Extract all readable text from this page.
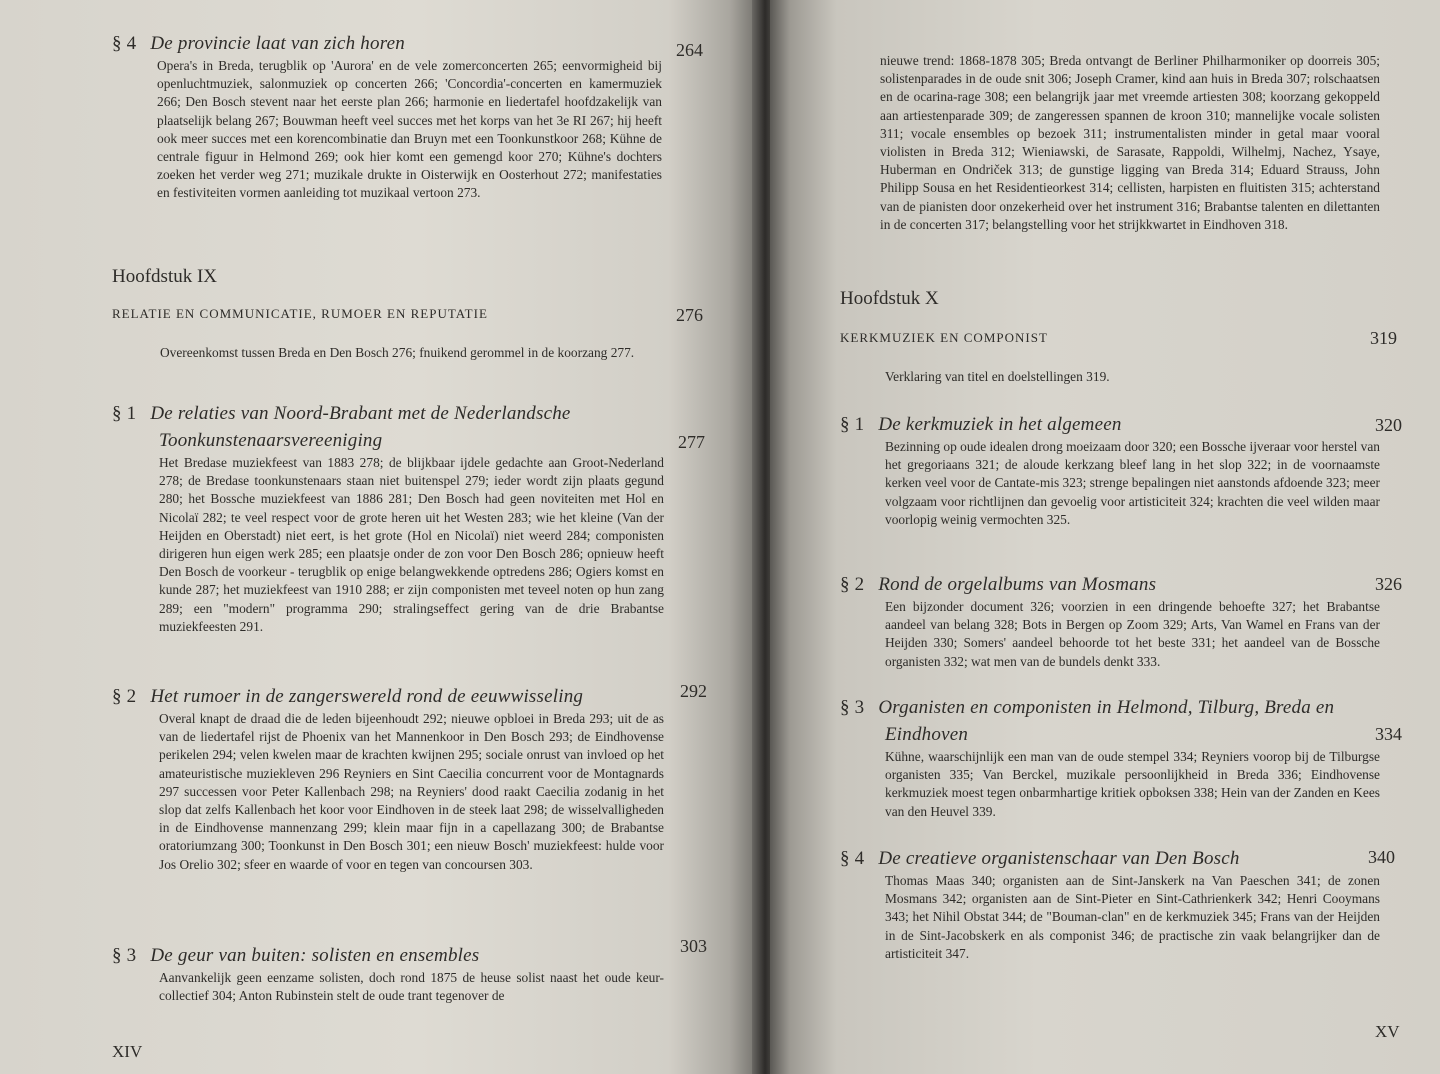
§ 4 De provincie laat van zich horen
Opera's in Breda, terugblik op 'Aurora' en de vele zomerconcerten 265; eenvormigheid bij openluchtmuziek, salonmuziek op concerten 266; 'Concordia'-concerten en kamermuziek 266; Den Bosch stevent naar het eerste plan 266; harmonie en liedertafel hoofdzakelijk van plaatselijk belang 267; Bouwman heeft veel succes met het korps van het 3e RI 267; hij heeft ook meer succes met een korencombinatie dan Bruyn met een Toonkunstkoor 268; Kühne de centrale figuur in Helmond 269; ook hier komt een gemengd koor 270; Kühne's dochters zoeken het verder weg 271; muzikale drukte in Oisterwijk en Oosterhout 272; manifestaties en festiviteiten vormen aanleiding tot muzikaal vertoon 273.
264
Hoofdstuk IX
RELATIE EN COMMUNICATIE, RUMOER EN REPUTATIE	276
Overeenkomst tussen Breda en Den Bosch 276; fnuikend gerommel in de koorzang 277.
§ 1 De relaties van Noord-Brabant met de Nederlandsche
Toonkunstenaarsvereeniging
Het Bredase muziekfeest van 1883 278; de blijkbaar ijdele gedachte aan Groot-Nederland 278; de Bredase toonkunstenaars staan niet buitenspel 279; ieder wordt zijn plaats gegund 280; het Bossche muziekfeest van 1886 281; Den Bosch had geen noviteiten met Hol en Nicolaï 282; te veel respect voor de grote heren uit het Westen 283; wie het kleine (Van der Heijden en Oberstadt) niet eert, is het grote (Hol en Nicolaï) niet weerd 284; componisten dirigeren hun eigen werk 285; een plaatsje onder de zon voor Den Bosch 286; opnieuw heeft Den Bosch de voorkeur - terugblik op enige belangwekkende optredens 286; Ogiers komst en kunde 287; het muziekfeest van 1910 288; er zijn componisten met teveel noten op hun zang 289; een "modern" programma 290; stralingseffect gering van de drie Brabantse muziekfeesten 291.
277
§ 2 Het rumoer in de zangerswereld rond de eeuwwisseling
Overal knapt de draad die de leden bijeenhoudt 292; nieuwe opbloei in Breda 293; uit de as van de liedertafel rijst de Phoenix van het Mannenkoor in Den Bosch 293; de Eindhovense perikelen 294; velen kwelen maar de krachten kwijnen 295; sociale onrust van invloed op het amateuristische muziekleven 296 Reyniers en Sint Caecilia concurrent voor de Montagnards 297 successen voor Peter Kallenbach 298; na Reyniers' dood raakt Caecilia zodanig in het slop dat zelfs Kallenbach het koor voor Eindhoven in de steek laat 298; de wisselvalligheden in de Eindhovense mannenzang 299; klein maar fijn in a capellazang 300; de Brabantse oratoriumzang 300; Toonkunst in Den Bosch 301; een nieuw Bosch' muziekfeest: hulde voor Jos Orelio 302; sfeer en waarde of voor en tegen van concoursen 303.
292
§ 3 De geur van buiten: solisten en ensembles
Aanvankelijk geen eenzame solisten, doch rond 1875 de heuse solist naast het oude keur-collectief 304; Anton Rubinstein stelt de oude trant tegenover de
303
XIV
nieuwe trend: 1868-1878 305; Breda ontvangt de Berliner Philharmoniker op doorreis 305; solistenparades in de oude snit 306; Joseph Cramer, kind aan huis in Breda 307; rolschaatsen en de ocarina-rage 308; een belangrijk jaar met vreemde artiesten 308; koorzang gekoppeld aan artiestenparade 309; de zangeressen spannen de kroon 310; mannelijke vocale solisten 311; vocale ensembles op bezoek 311; instrumentalisten minder in getal maar vooral violisten in Breda 312; Wieniawski, de Sarasate, Rappoldi, Wilhelmj, Nachez, Ysaye, Huberman en Ondriček 313; de gunstige ligging van Breda 314; Eduard Strauss, John Philipp Sousa en het Residentieorkest 314; cellisten, harpisten en fluitisten 315; achterstand van de pianisten door onzekerheid over het instrument 316; Brabantse talenten en dilettanten in de concerten 317; belangstelling voor het strijkkwartet in Eindhoven 318.
Hoofdstuk X
KERKMUZIEK EN COMPONIST	319
Verklaring van titel en doelstellingen 319.
§ 1 De kerkmuziek in het algemeen
Bezinning op oude idealen drong moeizaam door 320; een Bossche ijveraar voor herstel van het gregoriaans 321; de aloude kerkzang bleef lang in het slop 322; in de voornaamste kerken veel voor de Cantate-mis 323; strenge bepalingen niet aanstonds afdoende 323; meer volgzaam voor richtlijnen dan gevoelig voor artisticiteit 324; krachten die veel wilden maar voorlopig weinig vermochten 325.
320
§ 2 Rond de orgelalbums van Mosmans
Een bijzonder document 326; voorzien in een dringende behoefte 327; het Brabantse aandeel van belang 328; Bots in Bergen op Zoom 329; Arts, Van Wamel en Frans van der Heijden 330; Somers' aandeel behoorde tot het beste 331; het aandeel van de Bossche organisten 332; wat men van de bundels denkt 333.
326
§ 3 Organisten en componisten in Helmond, Tilburg, Breda en
Eindhoven
Kühne, waarschijnlijk een man van de oude stempel 334; Reyniers voorop bij de Tilburgse organisten 335; Van Berckel, muzikale persoonlijkheid in Breda 336; Eindhovense kerkmuziek moest tegen onbarmhartige kritiek opboksen 338; Hein van der Zanden en Kees van den Heuvel 339.
334
§ 4 De creatieve organistenschaar van Den Bosch
Thomas Maas 340; organisten aan de Sint-Janskerk na Van Paeschen 341; de zonen Mosmans 342; organisten aan de Sint-Pieter en Sint-Cathrienkerk 342; Henri Cooymans 343; het Nihil Obstat 344; de "Bouman-clan" en de kerkmuziek 345; Frans van der Heijden in de Sint-Jacobskerk en als componist 346; de practische zin vaak belangrijker dan de artisticiteit 347.
340
XV
